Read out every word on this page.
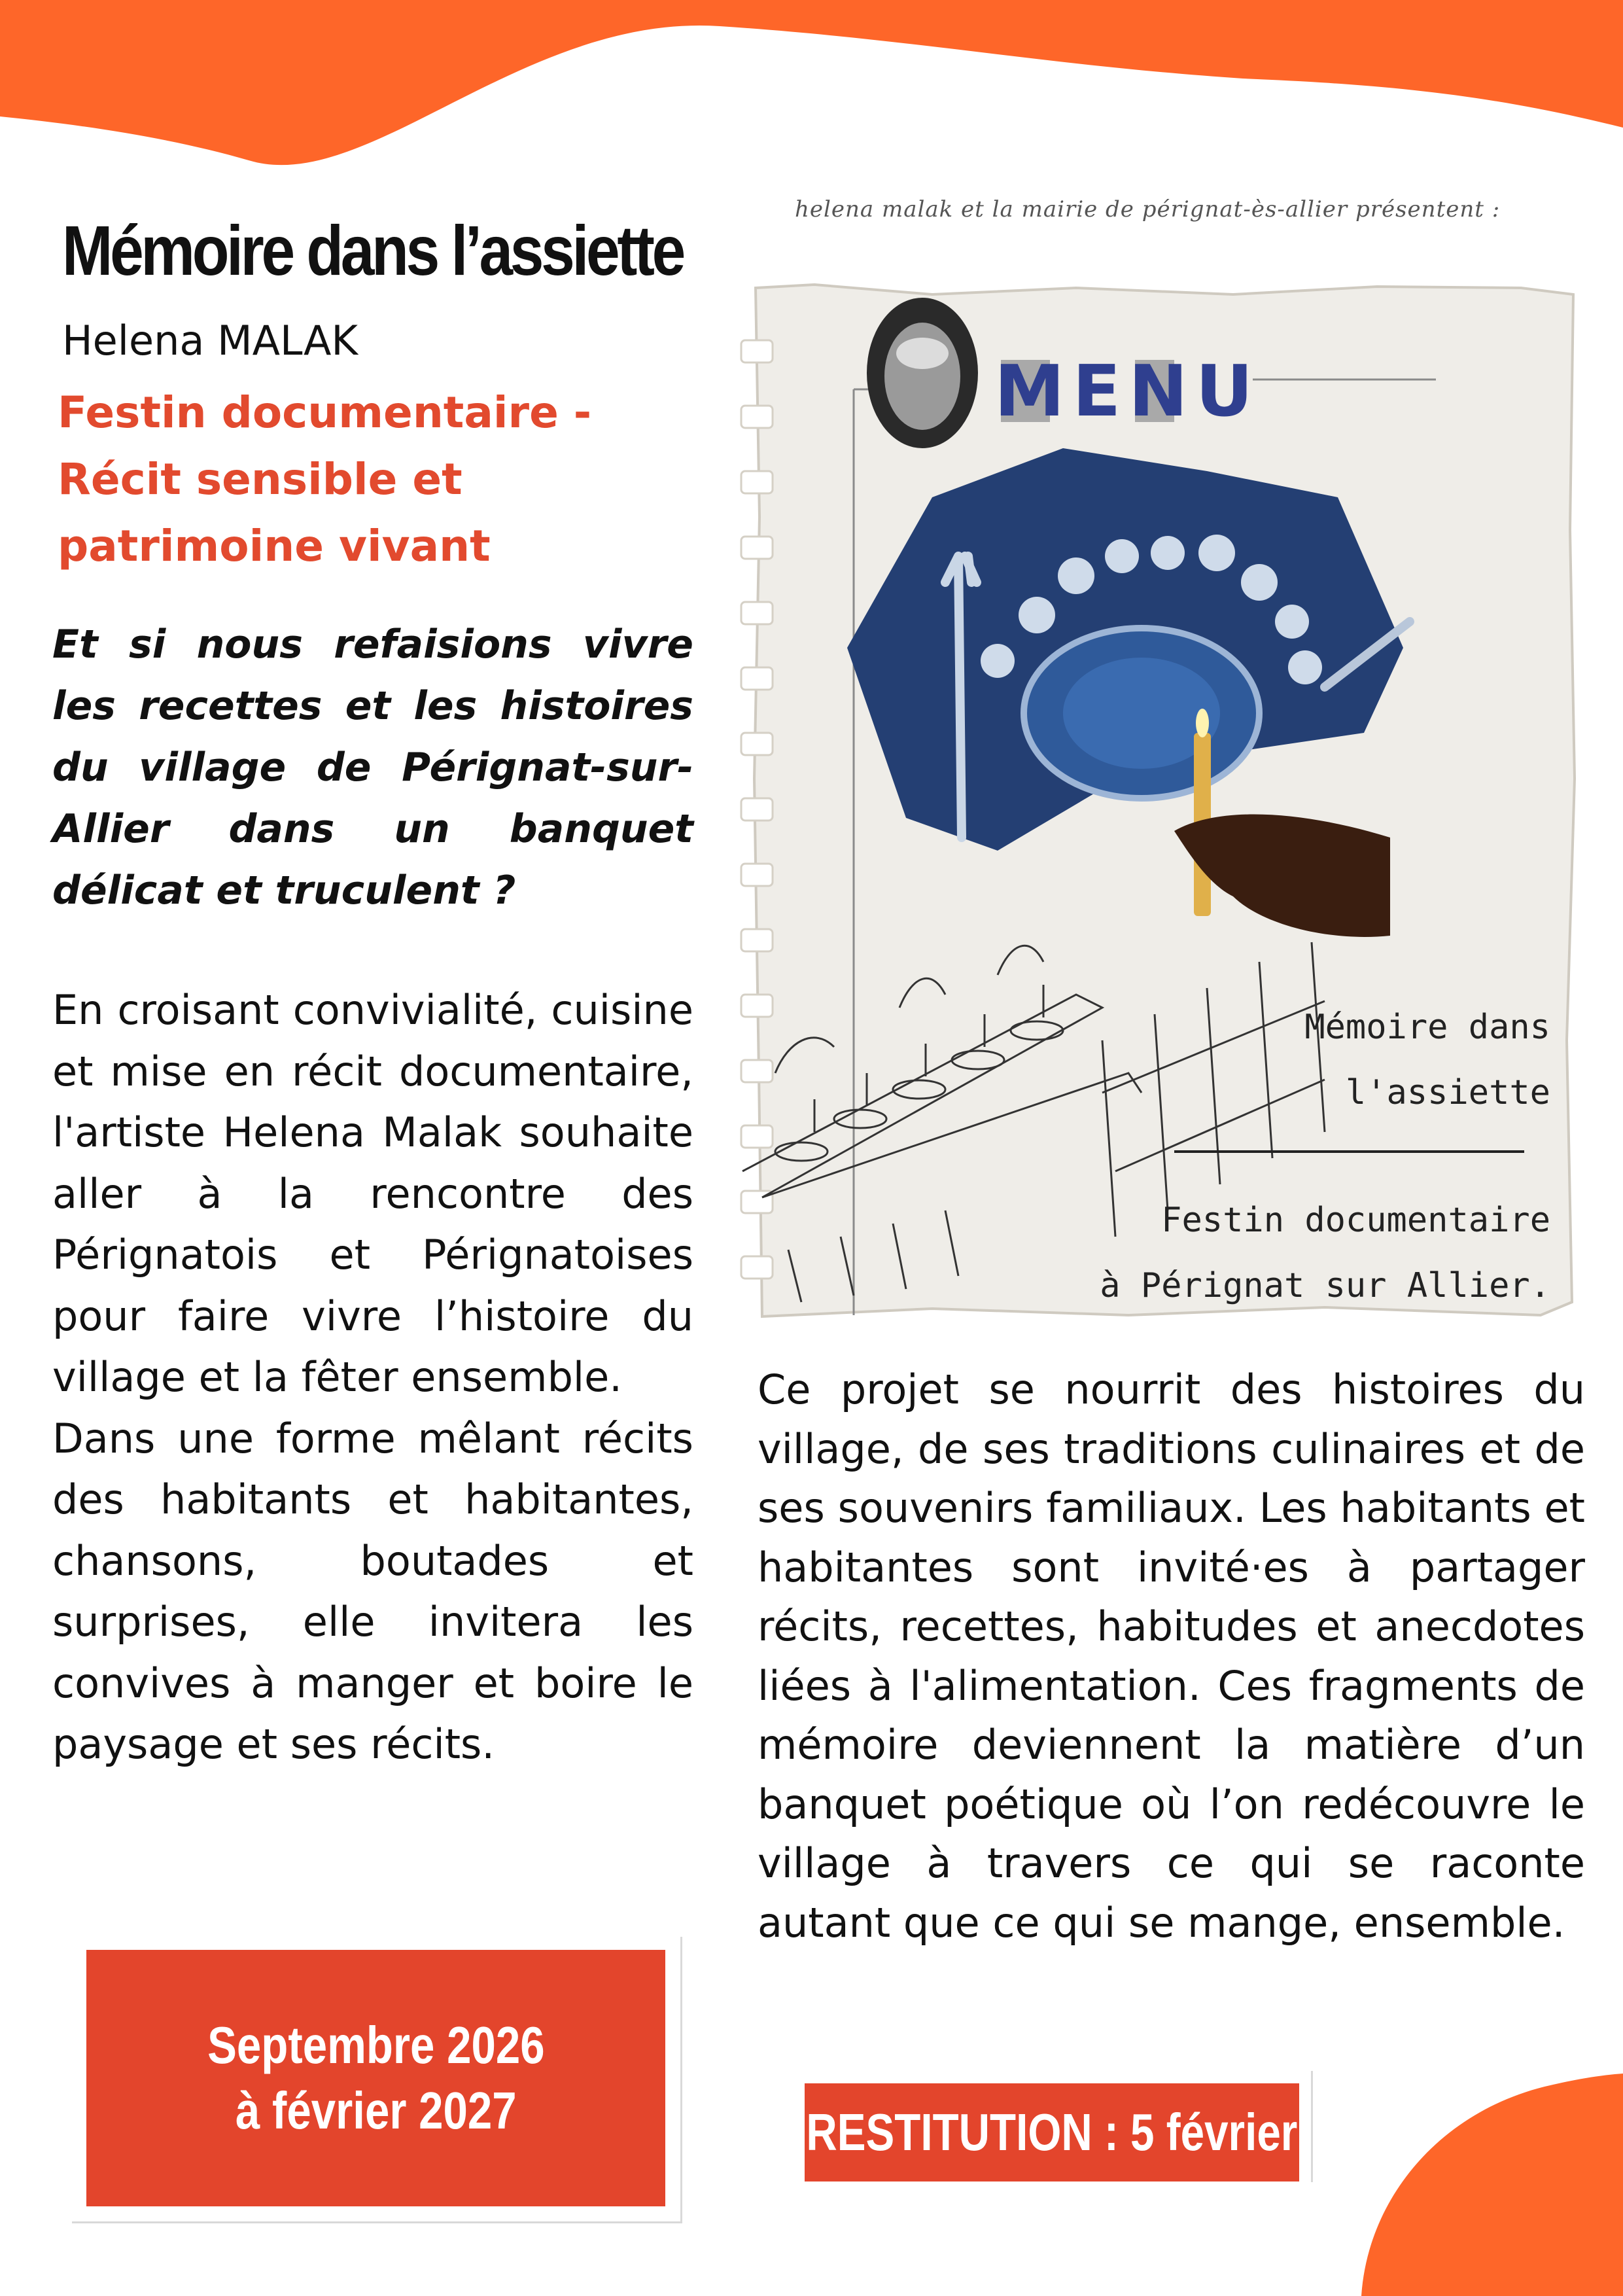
Mémoire dans l’assiette
Helena MALAK
Festin documentaire - Récit sensible et patrimoine vivant
Et si nous refaisions vivre les recettes et les histoires du village de Pérignat-sur-Allier dans un banquet délicat et truculent ?

En croisant convivialité, cuisine et mise en récit documentaire, l'artiste Helena Malak souhaite aller à la rencontre des Pérignatois et Pérignatoises pour faire vivre l’histoire du village et la fêter ensemble.

Dans une forme mêlant récits des habitants et habitantes, chansons, boutades et surprises, elle invitera les convives à manger et boire le paysage et ses récits.

Septembre 2026
à février 2027
helena malak et la mairie de pérignat-ès-allier présentent :
MENU
Mémoire dans
l'assiette
Festin documentaire
à Pérignat sur Allier.

Ce projet se nourrit des histoires du village, de ses traditions culinaires et de ses souvenirs familiaux. Les habitants et habitantes sont invité·es à partager récits, recettes, habitudes et anecdotes liées à l'alimentation. Ces fragments de mémoire deviennent la matière d’un banquet poétique où l’on redécouvre le village à travers ce qui se raconte autant que ce qui se mange, ensemble.

RESTITUTION : 5 février
